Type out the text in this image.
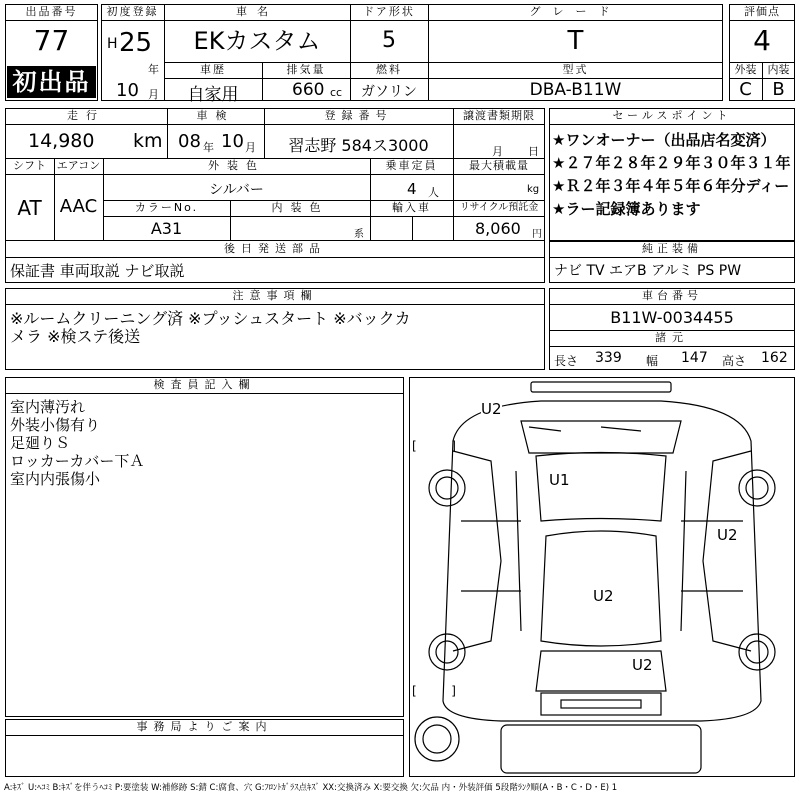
出品番号
77
初出品
初度登録
H 25
年
10 月
車名
EKカスタム
ドア形状
5
グレード
T
車歴
自家用
排気量
660 cc
燃料
ガソリン
型式
DBA-B11W
評価点
4
外装	内装
C	B
走行
14,980 km
車検
08 年 10 月
登録番号
習志野 584ス3000
譲渡書類期限
月 日
シフト
AT
エアコン
AAC
外装色
シルバー
乗車定員
4 人
最大積載量
kg
カラーNo.
A31
内装色
系
輸入車	リサイクル預託金
8,060 円
後日発送部品
保証書 車両取説 ナビ取説
セールスポイント
★ワンオーナー（出品店名変済）
★２７年２８年２９年３０年３１年
★Ｒ２年３年４年５年６年分ディー
★ラー記録簿あります
純正装備
ナビ TV エアB アルミ PS PW
注意事項欄
※ルームクリーニング済 ※プッシュスタート ※バックカ
メラ ※検ステ後送
車台番号
B11W-0034455
諸元
長さ 339 幅 147 高さ 162
検査員記入欄
室内薄汚れ
外装小傷有り
足廻りＳ
ロッカーカバー下Ａ
室内内張傷小
事務局よりご案内
[ ]
[ ]
U2
U1
U2
U2
U2
A:ｷｽﾞ U:ﾍｺﾐ B:ｷｽﾞを伴うﾍｺﾐ P:要塗装 W:補修跡 S:錆 C:腐食、穴 G:ﾌﾛﾝﾄｶﾞﾗｽ点ｷｽﾞ XX:交換済み X:要交換 欠:欠品 内・外装評価 5段階ﾗﾝｸ順(A・B・C・D・E) 1
